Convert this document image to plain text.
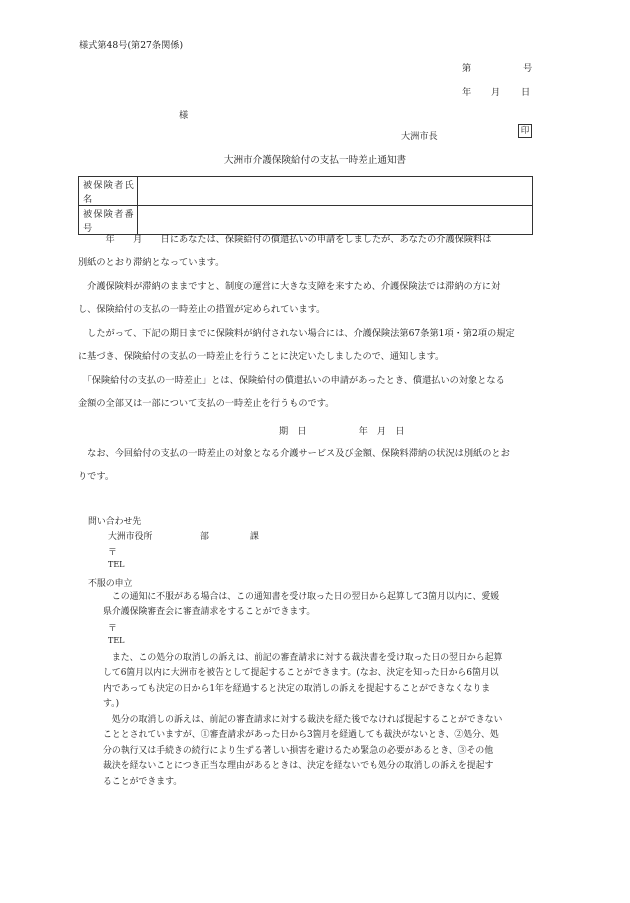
様式第48号(第27条関係)
第	号
年 月 日
様
大洲市長	印
大洲市介護保険給付の支払一時差止通知書
被保険者氏名	
被保険者番号	

　　　年　　月　　日にあなたは、保険給付の償還払いの申請をしましたが、あなたの介護保険料は

別紙のとおり滞納となっています。

　介護保険料が滞納のままですと、制度の運営に大きな支障を来すため、介護保険法では滞納の方に対

し、保険給付の支払の一時差止の措置が定められています。

　したがって、下記の期日までに保険料が納付されない場合には、介護保険法第67条第1項・第2項の規定

に基づき、保険給付の支払の一時差止を行うことに決定いたしましたので、通知します。

　「保険給付の支払の一時差止」とは、保険給付の償還払いの申請があったとき、償還払いの対象となる

金額の全部又は一部について支払の一時差止を行うものです。

期　日	年　月　日

　なお、今回給付の支払の一時差止の対象となる介護サービス及び金額、保険料滞納の状況は別紙のとお

りです。

問い合わせ先
大洲市役所	部	課
〒
TEL
不服の申立

　この通知に不服がある場合は、この通知書を受け取った日の翌日から起算して3箇月以内に、愛媛

県介護保険審査会に審査請求をすることができます。

〒
TEL

　また、この処分の取消しの訴えは、前記の審査請求に対する裁決書を受け取った日の翌日から起算

して6箇月以内に大洲市を被告として提起することができます。(なお、決定を知った日から6箇月以

内であっても決定の日から1年を経過すると決定の取消しの訴えを提起することができなくなりま

す。)

　処分の取消しの訴えは、前記の審査請求に対する裁決を経た後でなければ提起することができない

こととされていますが、①審査請求があった日から3箇月を経過しても裁決がないとき、②処分、処

分の執行又は手続きの続行により生ずる著しい損害を避けるため緊急の必要があるとき、③その他

裁決を経ないことにつき正当な理由があるときは、決定を経ないでも処分の取消しの訴えを提起す

ることができます。
